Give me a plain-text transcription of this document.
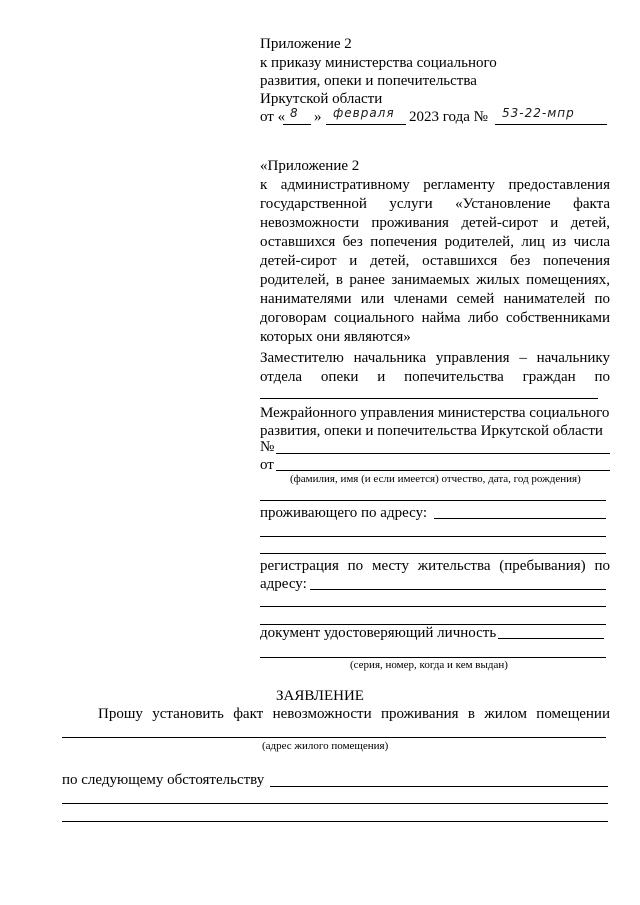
Приложение 2
к приказу министерства социального
развития, опеки и попечительства
Иркутской области
от « 8 » февраля 2023 года № 53-22-мпр
«Приложение 2
к административному регламенту предоставления
государственной услуги «Установление факта
невозможности проживания детей-сирот и детей,
оставшихся без попечения родителей, лиц из числа
детей-сирот и детей, оставшихся без попечения
родителей, в ранее занимаемых жилых помещениях,
нанимателями или членами семей нанимателей по
договорам социального найма либо собственниками
которых они являются»
Заместителю начальника управления – начальнику
отдела опеки и попечительства граждан по
Межрайонного управления министерства социального
развития, опеки и попечительства Иркутской области
№
от
(фамилия, имя (и если имеется) отчество, дата, год рождения)
проживающего по адресу:
регистрация по месту жительства (пребывания) по
адресу:
документ удостоверяющий личность
(серия, номер, когда и кем выдан)
ЗАЯВЛЕНИЕ
Прошу установить факт невозможности проживания в жилом помещении
(адрес жилого помещения)
по следующему обстоятельству
